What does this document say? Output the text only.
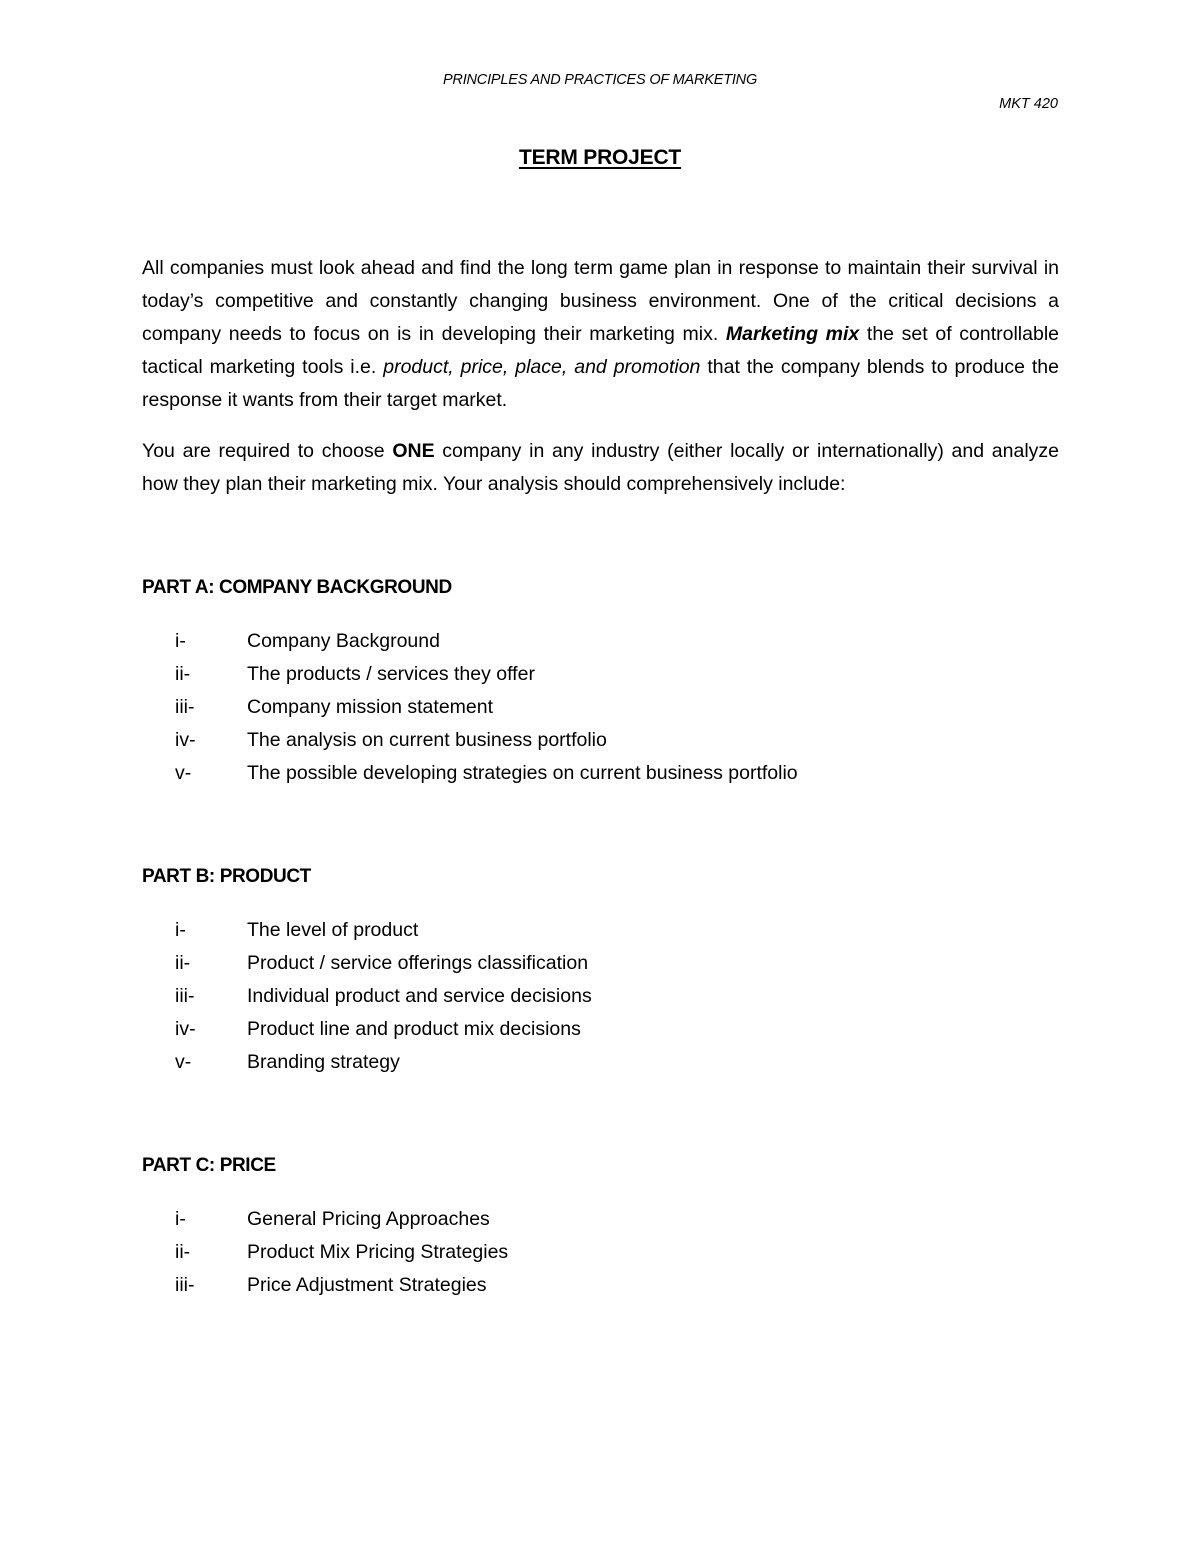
PRINCIPLES AND PRACTICES OF MARKETING
MKT 420
TERM PROJECT
All companies must look ahead and find the long term game plan in response to maintain their survival in today’s competitive and constantly changing business environment. One of the critical decisions a company needs to focus on is in developing their marketing mix. Marketing mix the set of controllable tactical marketing tools i.e. product, price, place, and promotion that the company blends to produce the response it wants from their target market.
You are required to choose ONE company in any industry (either locally or internationally) and analyze how they plan their marketing mix. Your analysis should comprehensively include:
PART A: COMPANY BACKGROUND
i-	Company Background
ii-	The products / services they offer
iii-	Company mission statement
iv-	The analysis on current business portfolio
v-	The possible developing strategies on current business portfolio
PART B: PRODUCT
i-	The level of product
ii-	Product / service offerings classification
iii-	Individual product and service decisions
iv-	Product line and product mix decisions
v-	Branding strategy
PART C: PRICE
i-	General Pricing Approaches
ii-	Product Mix Pricing Strategies
iii-	Price Adjustment Strategies
